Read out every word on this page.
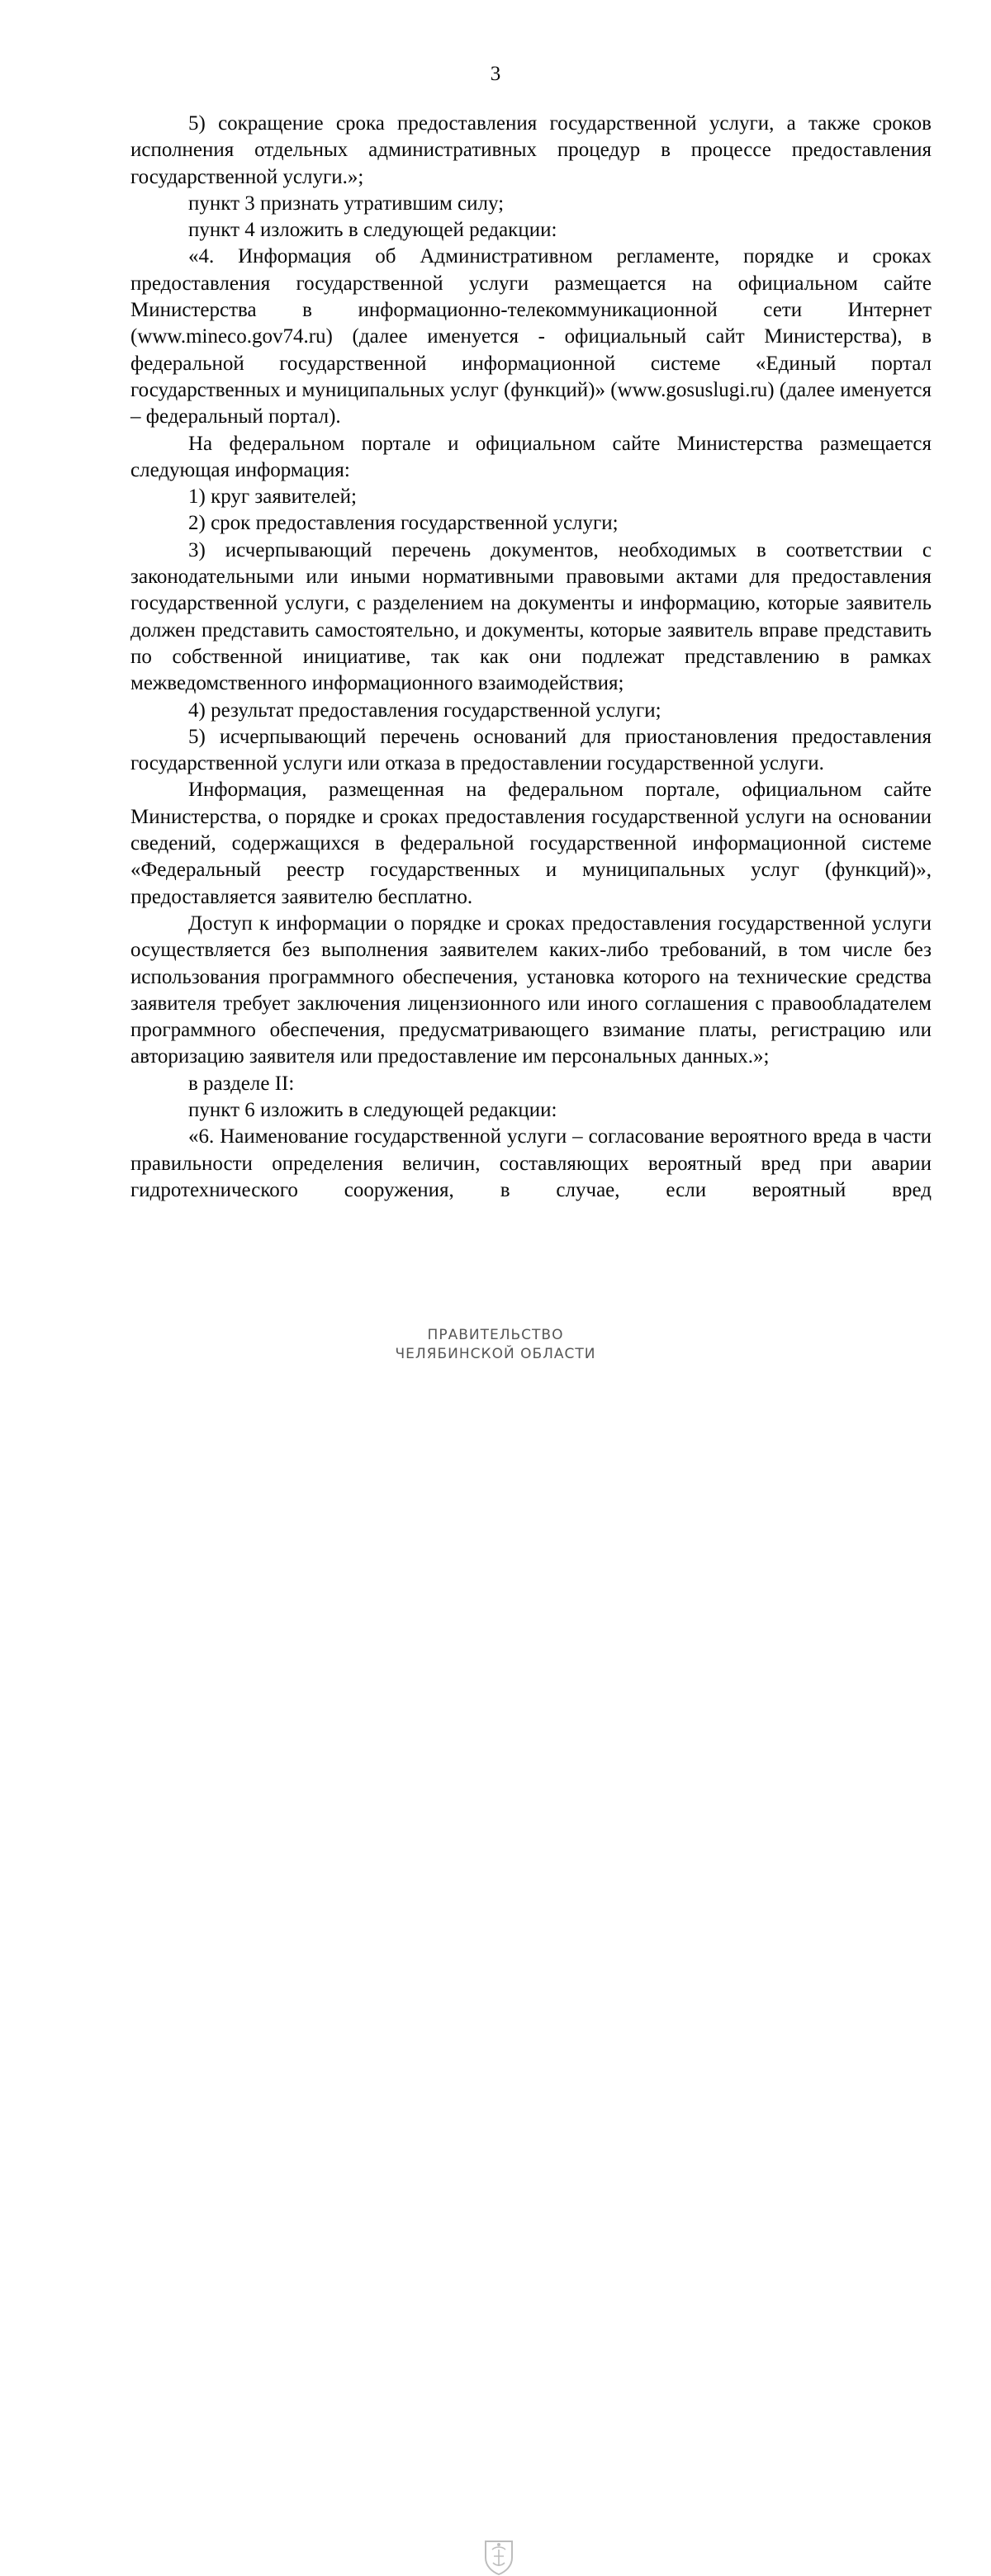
3

5) сокращение срока предоставления государственной услуги, а также сроков исполнения отдельных административных процедур в процессе предоставления государственной услуги.»;

пункт 3 признать утратившим силу;

пункт 4 изложить в следующей редакции:

«4. Информация об Административном регламенте, порядке и сроках предоставления государственной услуги размещается на официальном сайте Министерства в информационно-телекоммуникационной сети Интернет (www.mineco.gov74.ru) (далее именуется - официальный сайт Министерства), в федеральной государственной информационной системе «Единый портал государственных и муниципальных услуг (функций)» (www.gosuslugi.ru) (далее именуется – федеральный портал).

На федеральном портале и официальном сайте Министерства размещается следующая информация:

1) круг заявителей;

2) срок предоставления государственной услуги;

3) исчерпывающий перечень документов, необходимых в соответствии с законодательными или иными нормативными правовыми актами для предоставления государственной услуги, с разделением на документы и информацию, которые заявитель должен представить самостоятельно, и документы, которые заявитель вправе представить по собственной инициативе, так как они подлежат представлению в рамках межведомственного информационного взаимодействия;

4) результат предоставления государственной услуги;

5) исчерпывающий перечень оснований для приостановления предоставления государственной услуги или отказа в предоставлении государственной услуги.

Информация, размещенная на федеральном портале, официальном сайте Министерства, о порядке и сроках предоставления государственной услуги на основании сведений, содержащихся в федеральной государственной информационной системе «Федеральный реестр государственных и муниципальных услуг (функций)», предоставляется заявителю бесплатно.

Доступ к информации о порядке и сроках предоставления государственной услуги осуществляется без выполнения заявителем каких-либо требований, в том числе без использования программного обеспечения, установка которого на технические средства заявителя требует заключения лицензионного или иного соглашения с правообладателем программного обеспечения, предусматривающего взимание платы, регистрацию или авторизацию заявителя или предоставление им персональных данных.»;

в разделе II:

пункт 6 изложить в следующей редакции:

«6. Наименование государственной услуги – согласование вероятного вреда в части правильности определения величин, составляющих вероятный вред при аварии гидротехнического сооружения, в случае, если вероятный вред

ПРАВИТЕЛЬСТВО
ЧЕЛЯБИНСКОЙ ОБЛАСТИ
